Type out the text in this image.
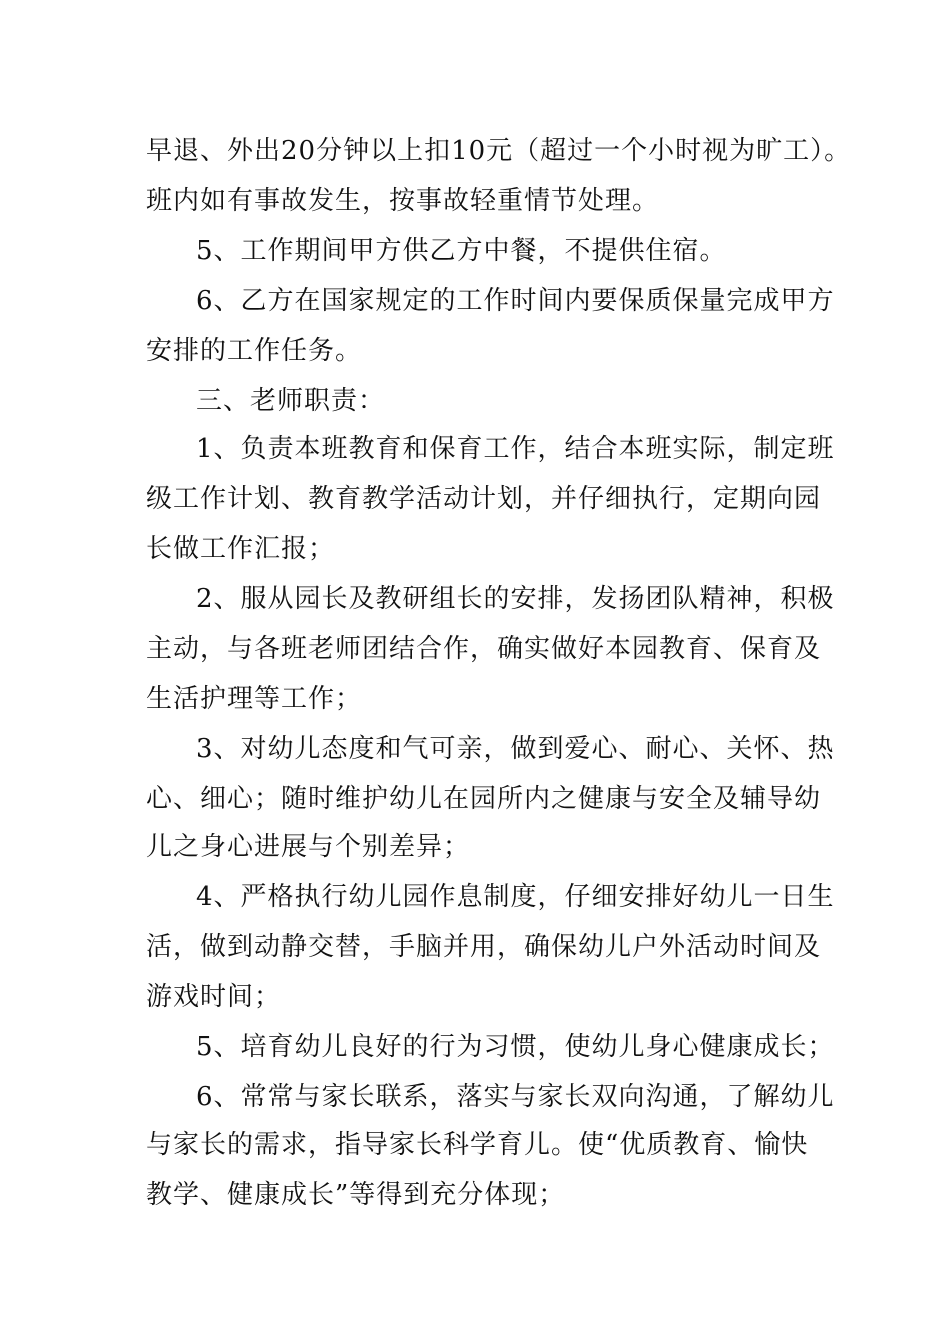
早退、外出20分钟以上扣10元（超过一个小时视为旷工）。
班内如有事故发生，按事故轻重情节处理。
5、工作期间甲方供乙方中餐，不提供住宿。
6、乙方在国家规定的工作时间内要保质保量完成甲方
安排的工作任务。
三、老师职责：
1、负责本班教育和保育工作，结合本班实际，制定班
级工作计划、教育教学活动计划，并仔细执行，定期向园
长做工作汇报；
2、服从园长及教研组长的安排，发扬团队精神，积极
主动，与各班老师团结合作，确实做好本园教育、保育及
生活护理等工作；
3、对幼儿态度和气可亲，做到爱心、耐心、关怀、热
心、细心；随时维护幼儿在园所内之健康与安全及辅导幼
儿之身心进展与个别差异；
4、严格执行幼儿园作息制度，仔细安排好幼儿一日生
活，做到动静交替，手脑并用，确保幼儿户外活动时间及
游戏时间；
5、培育幼儿良好的行为习惯，使幼儿身心健康成长；
6、常常与家长联系，落实与家长双向沟通，了解幼儿
与家长的需求，指导家长科学育儿。使“优质教育、愉快
教学、健康成长”等得到充分体现；
